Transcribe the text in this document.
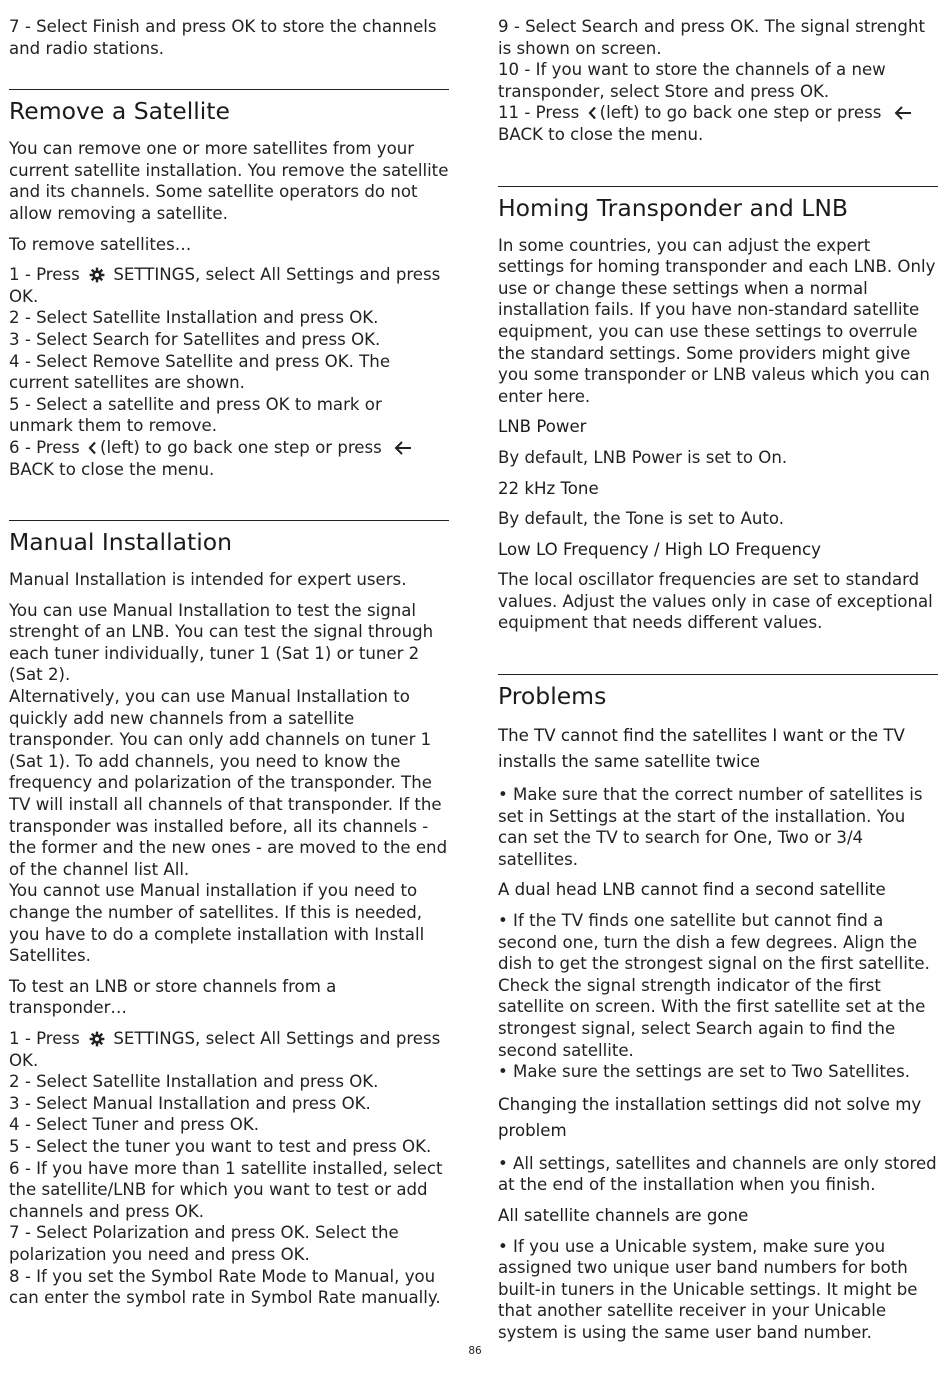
7 - Select Finish and press OK to store the channels and radio stations.

Remove a Satellite

You can remove one or more satellites from your current satellite installation. You remove the satellite and its channels. Some satellite operators do not allow removing a satellite.

To remove satellites…

1 - Press  SETTINGS, select All Settings and press OK.
2 - Select Satellite Installation and press OK.
3 - Select Search for Satellites and press OK.
4 - Select Remove Satellite and press OK. The current satellites are shown.
5 - Select a satellite and press OK to mark or unmark them to remove.
6 - Press (left) to go back one step or press
BACK to close the menu.
Manual Installation

Manual Installation is intended for expert users.

You can use Manual Installation to test the signal strenght of an LNB. You can test the signal through each tuner individually, tuner 1 (Sat 1) or tuner 2 (Sat 2).

Alternatively, you can use Manual Installation to quickly add new channels from a satellite transponder. You can only add channels on tuner 1 (Sat 1). To add channels, you need to know the frequency and polarization of the transponder. The TV will install all channels of that transponder. If the transponder was installed before, all its channels - the former and the new ones - are moved to the end of the channel list All.

You cannot use Manual installation if you need to change the number of satellites. If this is needed, you have to do a complete installation with Install Satellites.

To test an LNB or store channels from a transponder…

1 - Press  SETTINGS, select All Settings and press OK.
2 - Select Satellite Installation and press OK.
3 - Select Manual Installation and press OK.
4 - Select Tuner and press OK.
5 - Select the tuner you want to test and press OK.
6 - If you have more than 1 satellite installed, select the satellite/LNB for which you want to test or add channels and press OK.
7 - Select Polarization and press OK. Select the polarization you need and press OK.
8 - If you set the Symbol Rate Mode to Manual, you can enter the symbol rate in Symbol Rate manually.
9 - Select Search and press OK. The signal strenght is shown on screen.
10 - If you want to store the channels of a new transponder, select Store and press OK.
11 - Press (left) to go back one step or press
BACK to close the menu.
Homing Transponder and LNB

In some countries, you can adjust the expert settings for homing transponder and each LNB. Only use or change these settings when a normal installation fails. If you have non-standard satellite equipment, you can use these settings to overrule the standard settings. Some providers might give you some transponder or LNB valeus which you can enter here.

LNB Power

By default, LNB Power is set to On.

22 kHz Tone

By default, the Tone is set to Auto.

Low LO Frequency / High LO Frequency

The local oscillator frequencies are set to standard values. Adjust the values only in case of exceptional equipment that needs different values.

Problems

The TV cannot find the satellites I want or the TV installs the same satellite twice

• Make sure that the correct number of satellites is set in Settings at the start of the installation. You can set the TV to search for One, Two or 3/4 satellites.

A dual head LNB cannot find a second satellite

• If the TV finds one satellite but cannot find a second one, turn the dish a few degrees. Align the dish to get the strongest signal on the first satellite. Check the signal strength indicator of the first satellite on screen. With the first satellite set at the strongest signal, select Search again to find the second satellite.

• Make sure the settings are set to Two Satellites.

Changing the installation settings did not solve my problem

• All settings, satellites and channels are only stored at the end of the installation when you finish.

All satellite channels are gone

• If you use a Unicable system, make sure you assigned two unique user band numbers for both built-in tuners in the Unicable settings. It might be that another satellite receiver in your Unicable system is using the same user band number.

86
